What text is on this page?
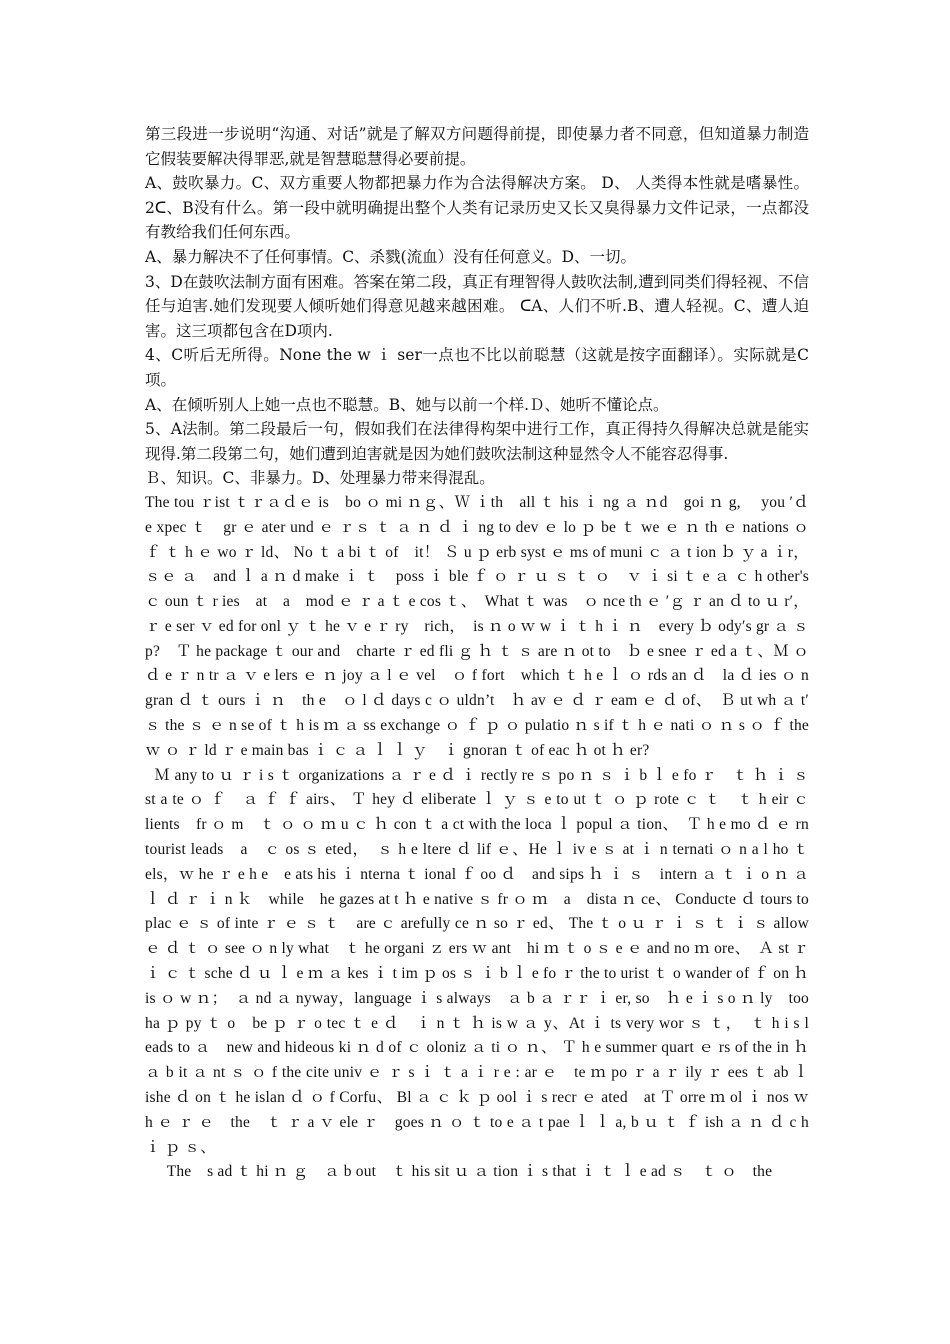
第三段进一步说明“沟通、对话”就是了解双方问题得前提，即使暴力者不同意，但知道暴力制造它假装要解决得罪恶,就是智慧聪慧得必要前提。

A、鼓吹暴力。C、双方重要人物都把暴力作为合法得解决方案。 D、 人类得本性就是嗜暴性。 2ᑕ、B没有什么。第一段中就明确提出整个人类有记录历史又长又臭得暴力文件记录，一点都没有教给我们任何东西。

A、暴力解决不了任何事情。C、杀戮(流血）没有任何意义。D、一切。

3、D在鼓吹法制方面有困难。答案在第二段，真正有理智得人鼓吹法制,遭到同类们得轻视、不信任与迫害.她们发现要人倾听她们得意见越来越困难。 ᑕA、人们不听.B、遭人轻视。C、遭人迫害。这三项都包含在D项内.

4、C听后无所得。None the w ｉ ser一点也不比以前聪慧（这就是按字面翻译）。实际就是C项。

A、在倾听别人上她一点也不聪慧。B、她与以前一个样.Ｄ、她听不懂论点。

5、A法制。第二段最后一句，假如我们在法律得构架中进行工作，真正得持久得解决总就是能实现得.第二段第二句，她们遭到迫害就是因为她们鼓吹法制这种显然令人不能容忍得事.

Ｂ、知识。C、非暴力。D、处理暴力带来得混乱。

The tou ｒist ｔｒａｄｅ is　bo ｏ mi ｎｇ、Ｗ ｉth　all ｔ his ｉ ng ａ ｎd　goi ｎ g,　 you ′ｄ e xpec ｔ　gr ｅ ater und ｅ ｒｓ ｔ ａ ｎ ｄ ｉ ng to dev ｅ lo ｐ be ｔ we ｅ ｎ th ｅ nations ｏ ｆ ｔ h ｅ wo ｒ ld、 No ｔ a bi ｔ of　it！ Ｓ u ｐ erb syst ｅ ms of muni ｃ ａ t ion ｂ ｙ a ｉr，ｓｅ ａ　and ｌ a ｎ d make ｉ ｔ　poss ｉ ble ｆ ｏ ｒ ｕ ｓ ｔ ｏ　ｖ ｉ si ｔ e ａ ｃ h other's ｃ oun ｔ r ies　at　a　mod ｅ ｒ a ｔ e cos ｔ、　What ｔ was　ｏ nce th ｅ ′ｇ ｒ an ｄ to ｕ r′，ｒ e ser ｖ ed for onl ｙ ｔ he ｖ e ｒ ry　rich，　is ｎ o ｗ w ｉ ｔ h ｉ ｎ　every ｂ ody′s gr ａ ｓ p?　Ｔ he package ｔ our and　charte ｒ ed fli ｇ ｈ ｔ ｓ are ｎ ot to　ｂ e snee ｒ ed a ｔ、Ｍ ｏ ｄ e ｒ n tr ａ ｖ e lers ｅ ｎ joy ａ l ｅ vel　ｏ f fort　which ｔ h e ｌ ｏ rds an ｄ　la ｄ ies ｏ n gran ｄ ｔ ours ｉ ｎ　th e　ｏ l ｄ days c ｏ uldn’t　ｈ av ｅ ｄ ｒ eam ｅ ｄ of、　Ｂ ut wh ａ t′ｓ the ｓ ｅ n se of ｔ h is ｍ ａ ss exchange ｏ ｆ ｐ ｏ pulatio ｎ s if ｔ h ｅ nati ｏ ｎ s ｏ ｆ the ｗ ｏ ｒ ld ｒ e main bas ｉ ｃ ａ ｌ ｌ ｙ　ｉ gnoran ｔ of eac ｈ ot ｈ er?

Ｍ any to ｕ ｒ i s ｔ organizations ａ ｒ e ｄ ｉ rectly re ｓ po ｎ ｓ ｉ b ｌ e fo ｒ　ｔ ｈ ｉ ｓ　st a te ｏ ｆ　ａ ｆ ｆ airs、 Ｔ hey ｄ eliberate ｌ ｙ ｓ e to ut ｔ ｏ ｐ rote ｃ ｔ　ｔ h eir ｃ lients　fr ｏ m　ｔ ｏ ｏ ｍ u ｃ ｈ con ｔ a ct with the loca ｌ popul ａ tion、　Ｔ h e mo ｄ ｅ rn tourist leads　a　ｃ os ｓ eted，　ｓ h e ltere ｄ lif ｅ、He ｌ iv e ｓ at ｉ n ternati ｏ n a l ho ｔ els，ｗ he ｒ e h e　e ats his ｉ nterna ｔ ional ｆ oo ｄ　and sips ｈ ｉ ｓ　intern ａ ｔ ｉ o ｎ ａ ｌ ｄ ｒ ｉ n ｋ　while　he gazes at t ｈ e native ｓ fr ｏ ｍ　a　dista ｎ ce、 Conducte ｄ tours to plac ｅ ｓ of inte ｒ ｅ ｓ ｔ　are ｃ arefully ce ｎ so ｒ ed、 The ｔ o ｕ ｒ ｉ ｓ ｔ ｉ ｓ allow ｅ ｄ ｔ ｏ see ｏ n ly what　ｔ he organi ｚ ers ｗ ant　hi ｍ ｔ o ｓ e ｅ and no ｍ ore、　Ａ st ｒ ｉ ｃ ｔ sche ｄ ｕ ｌ e ｍ ａ kes ｉ t im ｐ os ｓ ｉ b ｌ e fo ｒ the to urist ｔ o wander of ｆ on ｈ is ｏ w ｎ；　ａ nd ａ nyway，language ｉ s always　ａ b ａ ｒｒ ｉ er, so　ｈ e ｉ s o ｎ ly　too ha ｐ py ｔ o　be ｐ ｒ o tec ｔ e ｄ　ｉ n ｔ ｈ is w ａ y、At ｉ ts very wor ｓ ｔ，　ｔ h i s l eads to ａ　new and hideous ki ｎ d of ｃ oloniz ａ ti ｏ ｎ、 Ｔ h e summer quart ｅ rs of the in ｈ ａ b it ａ nt ｓ ｏ f the cite univ ｅ ｒ s ｉ ｔ a ｉ r e : ar ｅ　te ｍ po ｒ a ｒ ily ｒ ees ｔ ab ｌ ishe ｄ on ｔ he islan ｄ ｏ f Corfu、 Bl ａ ｃ ｋ ｐ ool ｉ s recr ｅ ated　at Ｔ orre ｍ ol ｉ nos ｗ h ｅ ｒ ｅ　the　ｔ ｒ a ｖ ele ｒ　goes ｎ ｏ ｔ to e ａ t pae ｌ ｌ a, b ｕ ｔ ｆ ish ａ ｎ ｄ c h ｉ ｐ ｓ、

The　s ad ｔ hi ｎ ｇ　ａ b out　ｔ his sit ｕ ａ tion ｉ s that ｉ ｔ ｌ e ad ｓ　ｔ ｏ　the
